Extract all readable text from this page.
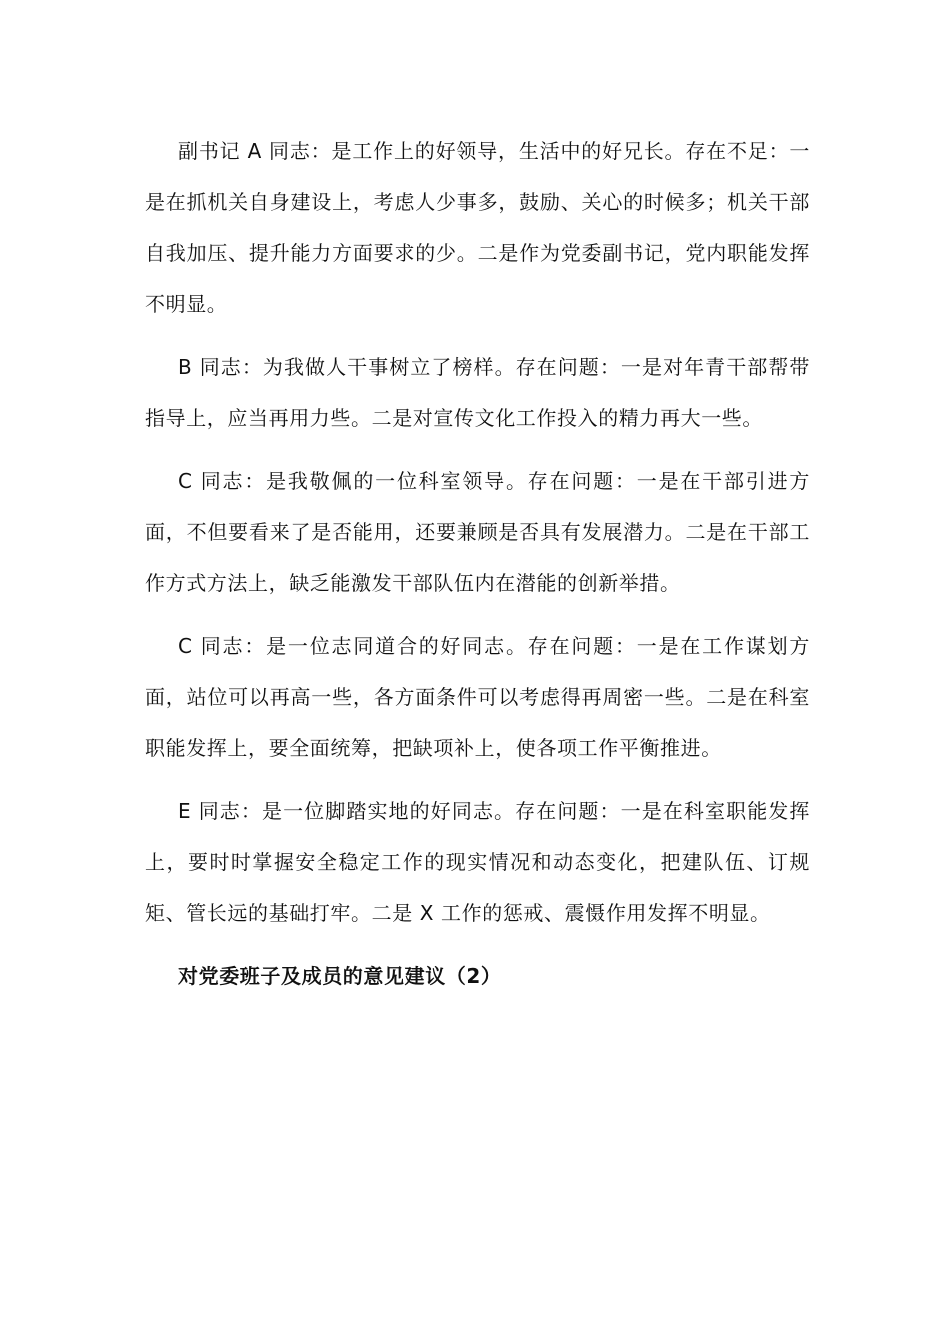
副书记 A 同志：是工作上的好领导，生活中的好兄长。存在不足：一是在抓机关自身建设上，考虑人少事多，鼓励、关心的时候多；机关干部自我加压、提升能力方面要求的少。二是作为党委副书记，党内职能发挥不明显。

B 同志：为我做人干事树立了榜样。存在问题：一是对年青干部帮带指导上，应当再用力些。二是对宣传文化工作投入的精力再大一些。

C 同志：是我敬佩的一位科室领导。存在问题：一是在干部引进方面，不但要看来了是否能用，还要兼顾是否具有发展潜力。二是在干部工作方式方法上，缺乏能激发干部队伍内在潜能的创新举措。

C 同志：是一位志同道合的好同志。存在问题：一是在工作谋划方面，站位可以再高一些，各方面条件可以考虑得再周密一些。二是在科室职能发挥上，要全面统筹，把缺项补上，使各项工作平衡推进。

E 同志：是一位脚踏实地的好同志。存在问题：一是在科室职能发挥上，要时时掌握安全稳定工作的现实情况和动态变化，把建队伍、订规矩、管长远的基础打牢。二是 X 工作的惩戒、震慑作用发挥不明显。

对党委班子及成员的意见建议（2）
